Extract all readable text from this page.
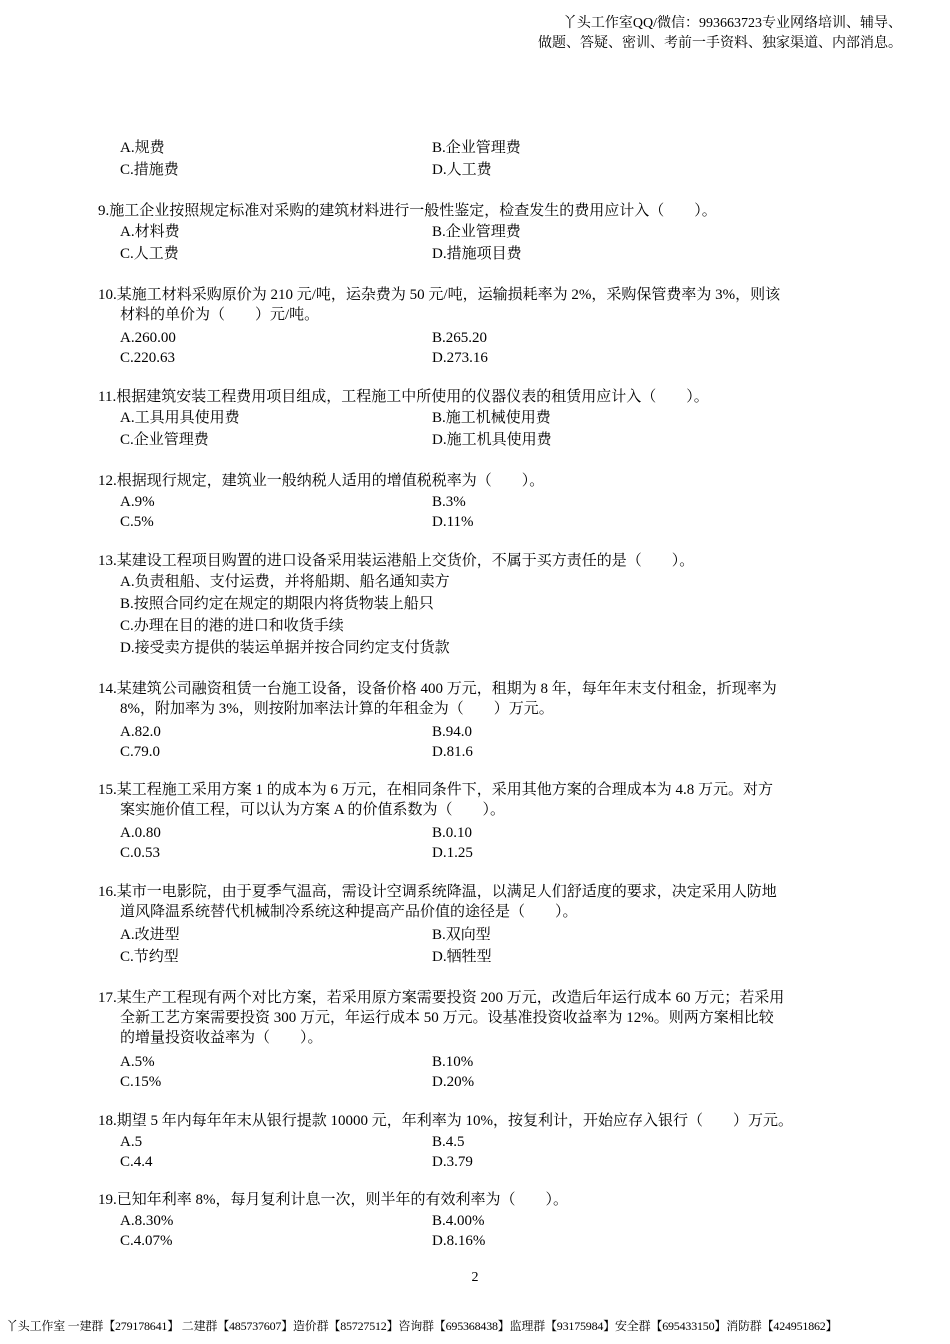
丫头工作室QQ/微信：993663723专业网络培训、辅导、
做题、答疑、密训、考前一手资料、独家渠道、内部消息。
A.规费	B.企业管理费
C.措施费	D.人工费
9.施工企业按照规定标准对采购的建筑材料进行一般性鉴定，检查发生的费用应计入（　　）。
A.材料费	B.企业管理费
C.人工费	D.措施项目费
10.某施工材料采购原价为 210 元/吨，运杂费为 50 元/吨，运输损耗率为 2%，采购保管费率为 3%，则该
材料的单价为（　　）元/吨。
A.260.00	B.265.20
C.220.63	D.273.16
11.根据建筑安装工程费用项目组成，工程施工中所使用的仪器仪表的租赁用应计入（　　）。
A.工具用具使用费	B.施工机械使用费
C.企业管理费	D.施工机具使用费
12.根据现行规定，建筑业一般纳税人适用的增值税税率为（　　）。
A.9%	B.3%
C.5%	D.11%
13.某建设工程项目购置的进口设备采用装运港船上交货价，不属于买方责任的是（　　）。
A.负责租船、支付运费，并将船期、船名通知卖方
B.按照合同约定在规定的期限内将货物装上船只
C.办理在目的港的进口和收货手续
D.接受卖方提供的装运单据并按合同约定支付货款
14.某建筑公司融资租赁一台施工设备，设备价格 400 万元，租期为 8 年，每年年末支付租金，折现率为
8%，附加率为 3%，则按附加率法计算的年租金为（　　）万元。
A.82.0	B.94.0
C.79.0	D.81.6
15.某工程施工采用方案 1 的成本为 6 万元，在相同条件下，采用其他方案的合理成本为 4.8 万元。对方
案实施价值工程，可以认为方案 A 的价值系数为（　　）。
A.0.80	B.0.10
C.0.53	D.1.25
16.某市一电影院，由于夏季气温高，需设计空调系统降温，以满足人们舒适度的要求，决定采用人防地
道风降温系统替代机械制冷系统这种提高产品价值的途径是（　　）。
A.改进型	B.双向型
C.节约型	D.牺牲型
17.某生产工程现有两个对比方案，若采用原方案需要投资 200 万元，改造后年运行成本 60 万元；若采用
全新工艺方案需要投资 300 万元，年运行成本 50 万元。设基准投资收益率为 12%。则两方案相比较
的增量投资收益率为（　　）。
A.5%	B.10%
C.15%	D.20%
18.期望 5 年内每年年末从银行提款 10000 元，年利率为 10%，按复利计，开始应存入银行（　　）万元。
A.5	B.4.5
C.4.4	D.3.79
19.已知年利率 8%，每月复利计息一次，则半年的有效利率为（　　）。
A.8.30%	B.4.00%
C.4.07%	D.8.16%
2
丫头工作室 一建群【279178641】 二建群【485737607】造价群【85727512】咨询群【695368438】监理群【93175984】安全群【695433150】消防群【424951862】
